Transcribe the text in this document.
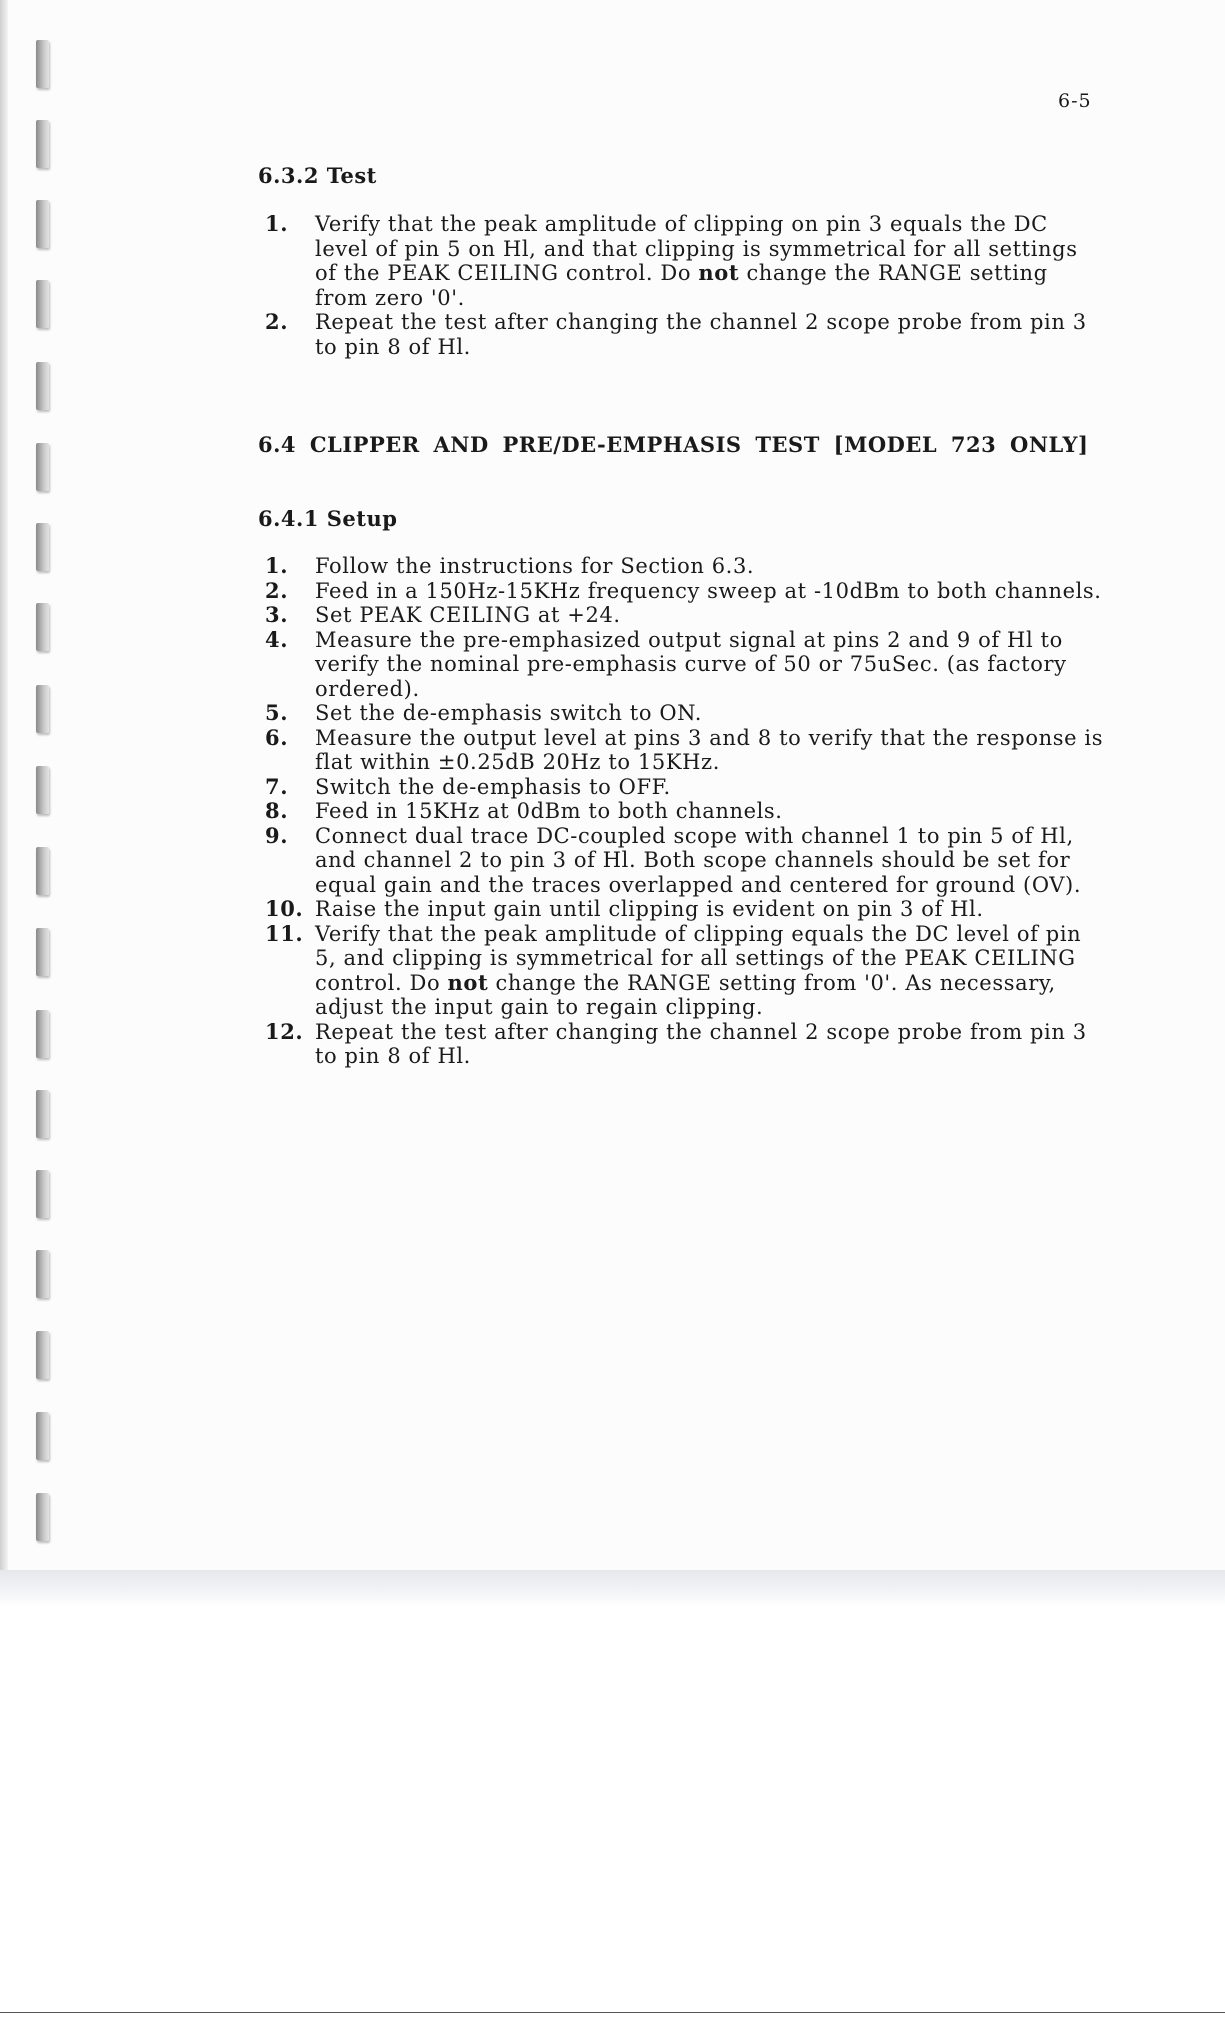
6-5
6.3.2 Test
1. Verify that the peak amplitude of clipping on pin 3 equals the DC level of pin 5 on Hl, and that clipping is symmetrical for all settings of the PEAK CEILING control. Do not change the RANGE setting from zero '0'.
2. Repeat the test after changing the channel 2 scope probe from pin 3 to pin 8 of Hl.
6.4 CLIPPER AND PRE/DE-EMPHASIS TEST [MODEL 723 ONLY]
6.4.1 Setup
1. Follow the instructions for Section 6.3.
2. Feed in a 150Hz-15KHz frequency sweep at -10dBm to both channels.
3. Set PEAK CEILING at +24.
4. Measure the pre-emphasized output signal at pins 2 and 9 of Hl to verify the nominal pre-emphasis curve of 50 or 75uSec. (as factory ordered).
5. Set the de-emphasis switch to ON.
6. Measure the output level at pins 3 and 8 to verify that the response is flat within ±0.25dB 20Hz to 15KHz.
7. Switch the de-emphasis to OFF.
8. Feed in 15KHz at 0dBm to both channels.
9. Connect dual trace DC-coupled scope with channel 1 to pin 5 of Hl, and channel 2 to pin 3 of Hl. Both scope channels should be set for equal gain and the traces overlapped and centered for ground (OV).
10. Raise the input gain until clipping is evident on pin 3 of Hl.
11. Verify that the peak amplitude of clipping equals the DC level of pin 5, and clipping is symmetrical for all settings of the PEAK CEILING control. Do not change the RANGE setting from '0'. As necessary, adjust the input gain to regain clipping.
12. Repeat the test after changing the channel 2 scope probe from pin 3 to pin 8 of Hl.
